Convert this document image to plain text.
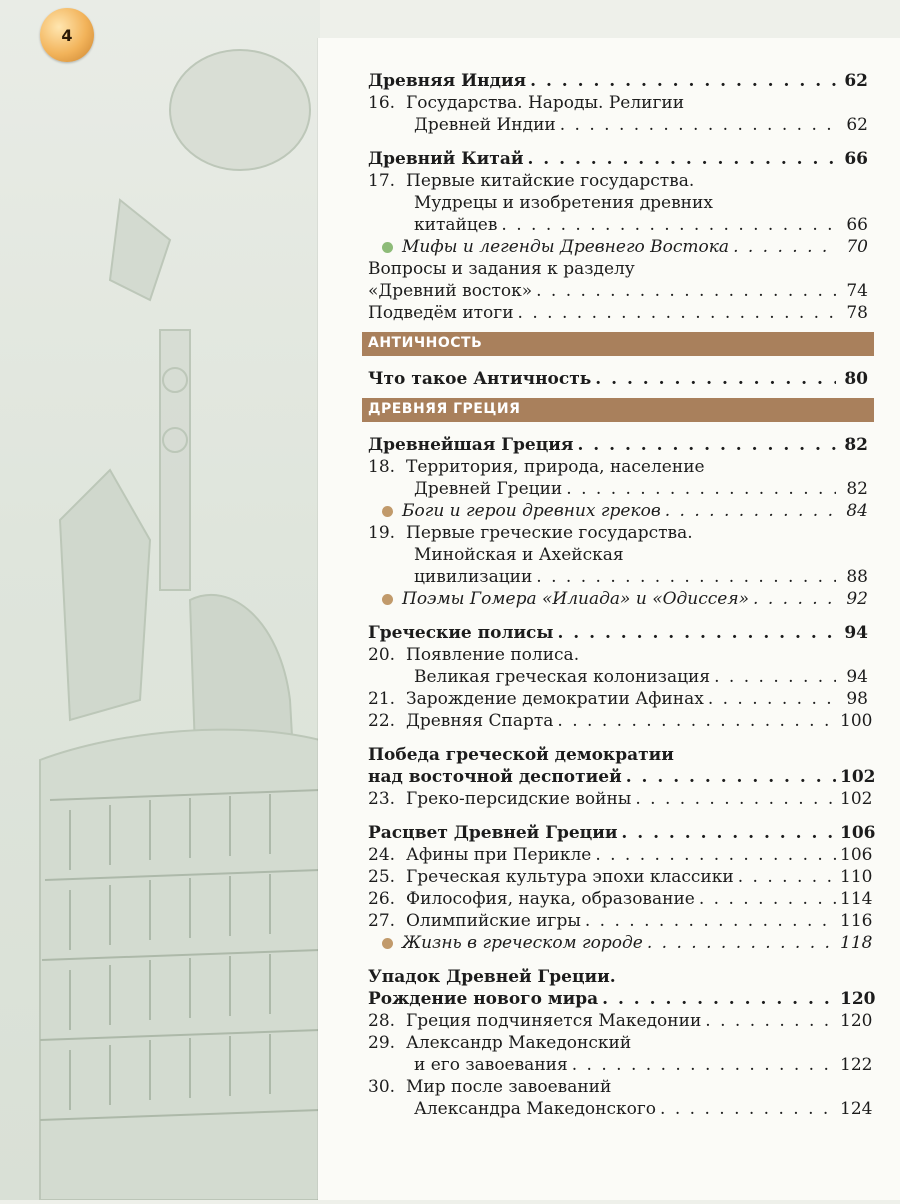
4
Древняя Индия . . .	62
16. Государства. Народы. Религии
Древней Индии . . .	62
Древний Китай . . .	66
17. Первые китайские государства.
Мудрецы и изобретения древних
китайцев . . .	66
Мифы и легенды Древнего Востока . . .	70
Вопросы и задания к разделу
«Древний восток» . . .	74
Подведём итоги . . .	78
АНТИЧНОСТЬ
Что такое Античность . . .	80
ДРЕВНЯЯ ГРЕЦИЯ
Древнейшая Греция . . .	82
18. Территория, природа, население
Древней Греции . . .	82
Боги и герои древних греков . . .	84
19. Первые греческие государства.
Минойская и Ахейская
цивилизации . . .	88
Поэмы Гомера «Илиада» и «Одиссея» . . .	92
Греческие полисы . . .	94
20. Появление полиса.
Великая греческая колонизация . . .	94
21. Зарождение демократии Афинах . . .	98
22. Древняя Спарта . . .	100
Победа греческой демократии
над восточной деспотией . . .	102
23. Греко-персидские войны . . .	102
Расцвет Древней Греции . . .	106
24. Афины при Перикле . . .	106
25. Греческая культура эпохи классики . . .	110
26. Философия, наука, образование . . .	114
27. Олимпийские игры . . .	116
Жизнь в греческом городе . . .	118
Упадок Древней Греции.
Рождение нового мира . . .	120
28. Греция подчиняется Македонии . . .	120
29. Александр Македонский
и его завоевания . . .	122
30. Мир после завоеваний
Александра Македонского . . .	124
